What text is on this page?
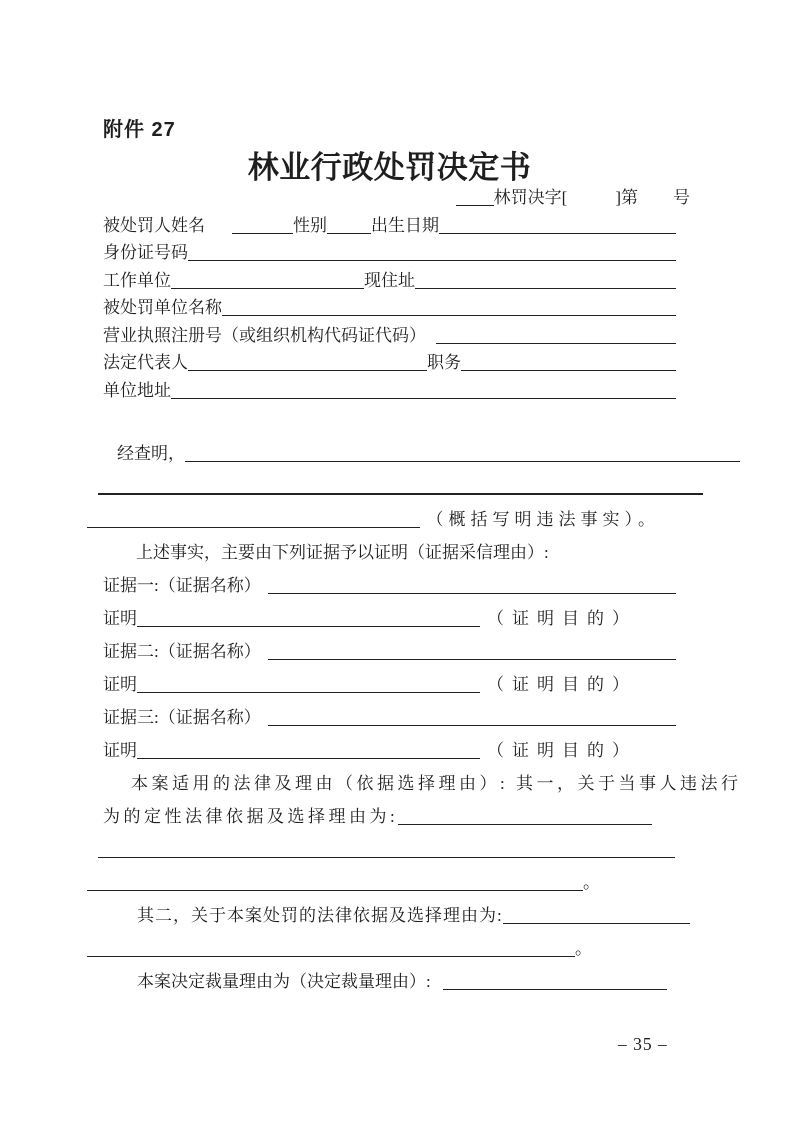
附件 27
林业行政处罚决定书
林罚决字[	]第 号
被处罚人姓名	性别	出生日期
身份证号码
工作单位	现住址
被处罚单位名称
营业执照注册号（或组织机构代码证代码）
法定代表人	职务
单位地址
经查明，
（概括写明违法事实）。
上述事实，主要由下列证据予以证明（证据采信理由）:
证据一:（证据名称）
证明	（证明目的）
证据二:（证据名称）
证明	（证明目的）
证据三:（证据名称）
证明	（证明目的）
本案适用的法律及理由（依据选择理由）: 其一，关于当事人违法行
为的定性法律依据及选择理由为:
。
其二，关于本案处罚的法律依据及选择理由为:
。
本案决定裁量理由为（决定裁量理由）:
– 35 –
